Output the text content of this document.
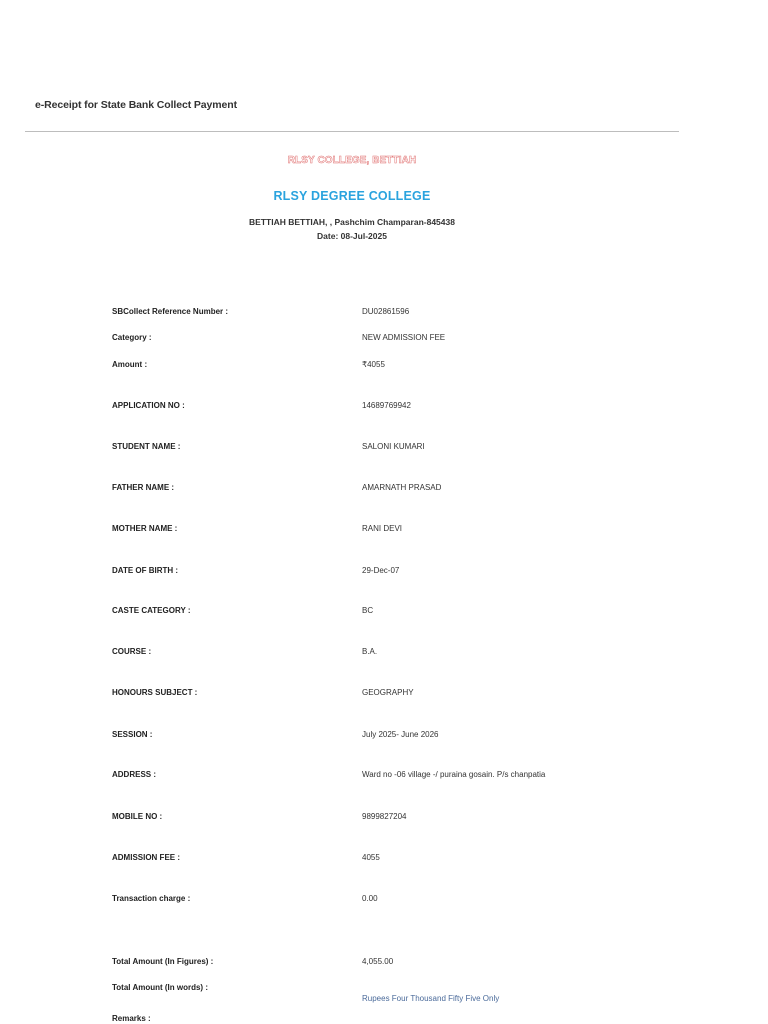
e-Receipt for State Bank Collect Payment
RLSY COLLEGE, BETTIAH
RLSY DEGREE COLLEGE
BETTIAH BETTIAH, , Pashchim Champaran-845438
Date: 08-Jul-2025
SBCollect Reference Number :	DU02861596
Category :	NEW ADMISSION FEE
Amount :	₹4055
APPLICATION NO :	14689769942
STUDENT NAME :	SALONI KUMARI
FATHER NAME :	AMARNATH PRASAD
MOTHER NAME :	RANI DEVI
DATE OF BIRTH :	29-Dec-07
CASTE CATEGORY :	BC
COURSE :	B.A.
HONOURS SUBJECT :	GEOGRAPHY
SESSION :	July 2025- June 2026
ADDRESS :	Ward no -06 village -/ puraina gosain. P/s chanpatia
MOBILE NO :	9899827204
ADMISSION FEE :	4055
Transaction charge :	0.00
Total Amount (In Figures) :	4,055.00
Total Amount (In words) :
Rupees Four Thousand Fifty Five Only
Remarks :
